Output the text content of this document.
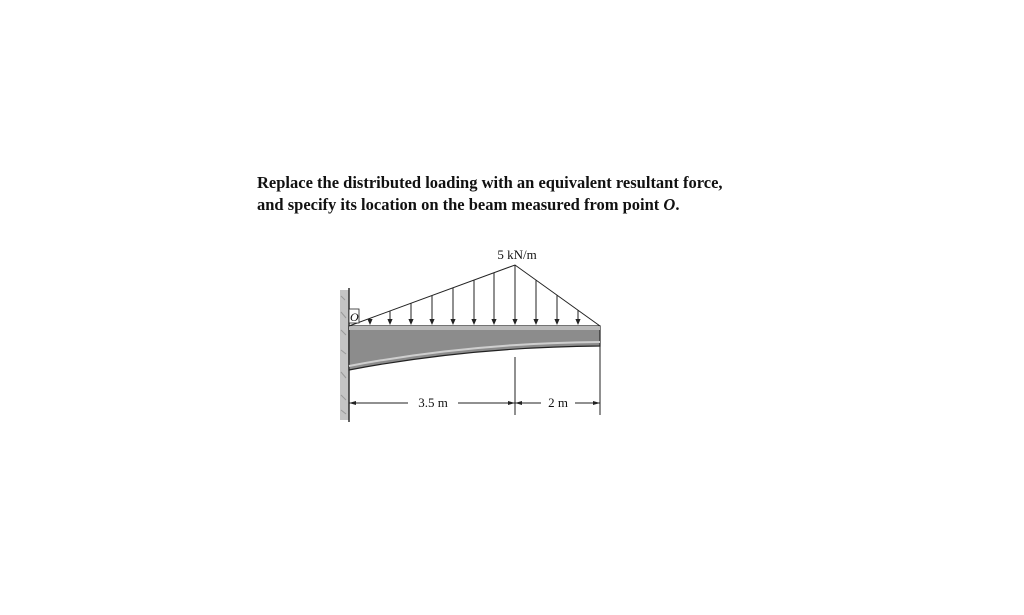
Replace the distributed loading with an equivalent resultant force,
and specify its location on the beam measured from point O.
O
5 kN/m
3.5 m	2 m
